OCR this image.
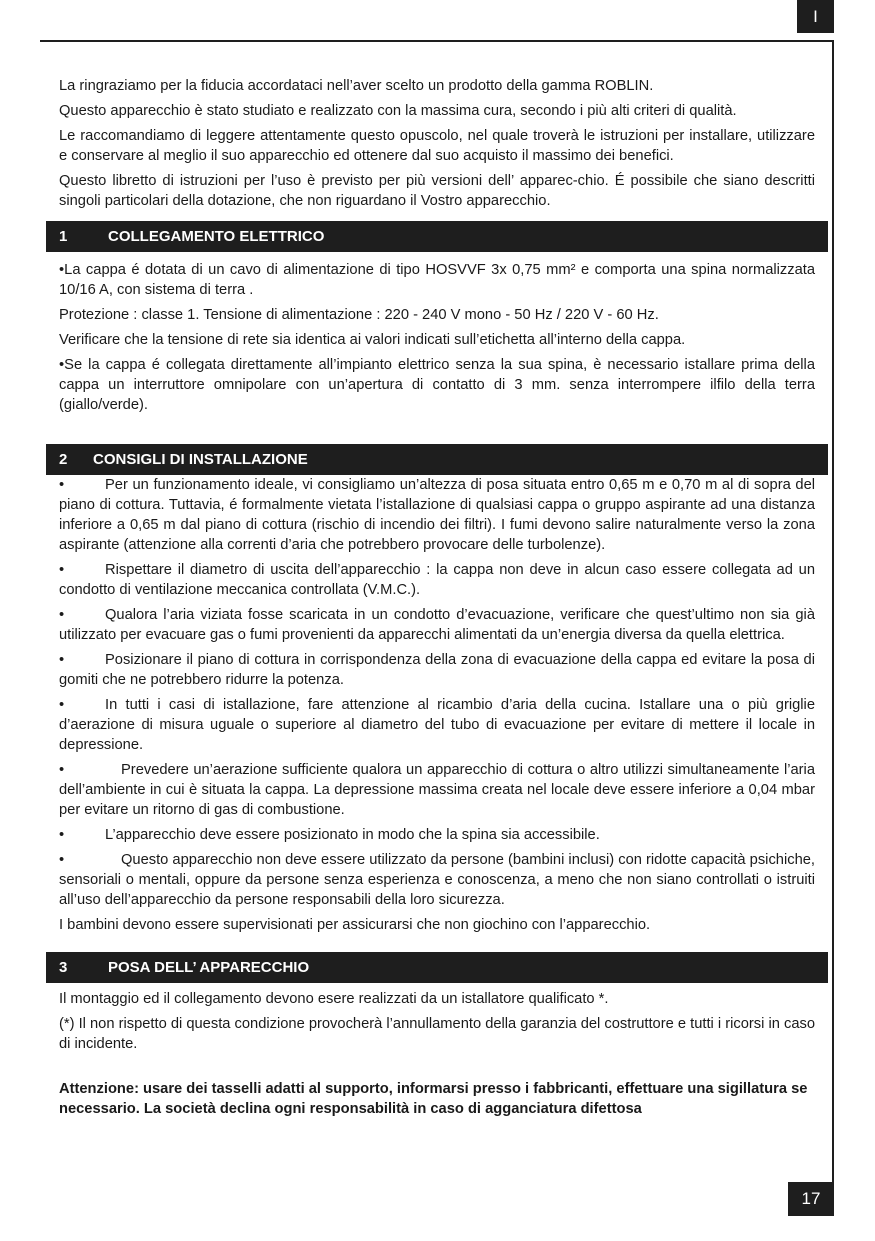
I

La ringraziamo per la fiducia accordataci nell’aver scelto un prodotto della gamma ROBLIN.

Questo apparecchio è stato studiato e realizzato con la massima cura, secondo i più alti criteri di qualità.

Le raccomandiamo di leggere attentamente questo opuscolo, nel quale troverà le istruzioni per installare, utilizzare e conservare al meglio il suo apparecchio ed ottenere dal suo acquisto il massimo dei benefici.

Questo libretto di istruzioni per l’uso è previsto per più versioni dell’ apparec-chio. É possibile che siano descritti singoli particolari della dotazione, che non riguardano il Vostro apparecchio.

1	COLLEGAMENTO ELETTRICO

•La cappa é dotata di un cavo di alimentazione di tipo HOSVVF 3x 0,75 mm² e comporta una spina normalizzata 10/16 A, con sistema di terra .

Protezione : classe 1. Tensione di alimentazione : 220 - 240 V mono - 50 Hz / 220 V - 60 Hz.

Verificare che la tensione di rete sia identica ai valori indicati sull’etichetta all’interno della cappa.

•Se la cappa é collegata direttamente all’impianto elettrico senza la sua spina, è necessario istallare prima della cappa un interruttore omnipolare con un’apertura di contatto di 3 mm. senza interrompere ilfilo della terra (giallo/verde).

2	CONSIGLI DI INSTALLAZIONE

•	Per un funzionamento ideale, vi consigliamo un’altezza di posa situata entro 0,65 m e 0,70 m al di sopra del piano di cottura. Tuttavia, é formalmente vietata l’istallazione di qualsiasi cappa o gruppo aspirante ad una distanza inferiore a 0,65 m dal piano di cottura (rischio di incendio dei filtri). I fumi devono salire naturalmente verso la zona aspirante (attenzione alla correnti d’aria che potrebbero provocare delle turbolenze).

•	Rispettare il diametro di uscita dell’apparecchio : la cappa non deve in alcun caso essere collegata ad un condotto di ventilazione meccanica controllata (V.M.C.).

•	Qualora l’aria viziata fosse scaricata in un condotto d’evacuazione, verificare che quest’ultimo non sia già utilizzato per evacuare gas o fumi provenienti da apparecchi alimentati da un’energia diversa da quella elettrica.

•	Posizionare il piano di cottura in corrispondenza della zona di evacuazione della cappa ed evitare la posa di gomiti che ne potrebbero ridurre la potenza.

•	In tutti i casi di istallazione, fare attenzione al ricambio d’aria della cucina. Istallare una o più griglie d’aerazione di misura uguale o superiore al diametro del tubo di evacuazione per evitare di mettere il locale in depressione.

•	Prevedere un’aerazione sufficiente qualora un apparecchio di cottura o altro utilizzi simultaneamente l’aria dell’ambiente in cui è situata la cappa. La depressione massima creata nel locale deve essere inferiore a 0,04 mbar per evitare un ritorno di gas di combustione.

•	L’apparecchio deve essere posizionato in modo che la spina sia accessibile.

•	Questo apparecchio non deve essere utilizzato da persone (bambini inclusi) con ridotte capacità psichiche, sensoriali o mentali, oppure da persone senza esperienza e conoscenza, a meno che non siano controllati o istruiti all’uso dell’apparecchio da persone responsabili della loro sicurezza.

I bambini devono essere supervisionati per assicurarsi che non giochino con l’apparecchio.

3	POSA DELL’ APPARECCHIO

Il montaggio ed il collegamento devono esere realizzati da un istallatore qualificato *.

(*) Il non rispetto di questa condizione provocherà l’annullamento della garanzia del costruttore e tutti i ricorsi in caso di incidente.

Attenzione: usare dei tasselli adatti al supporto, informarsi presso i fabbricanti, effettuare una sigillatura se necessario. La società declina ogni responsabilità in caso di agganciatura difettosa

17
